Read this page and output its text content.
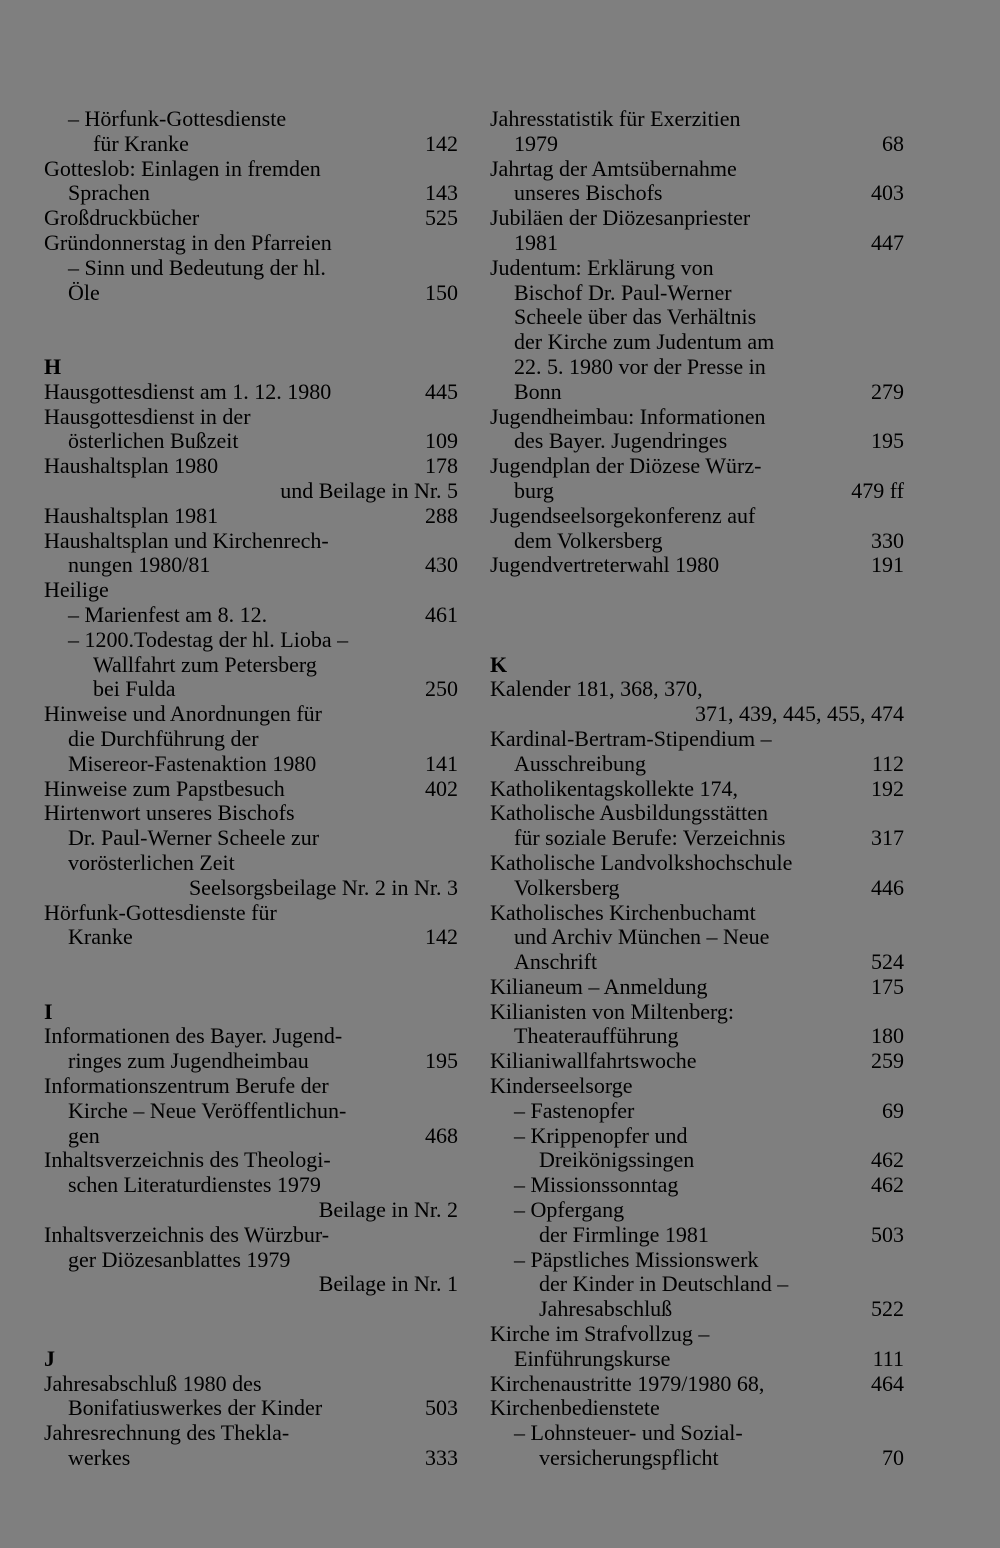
– Hörfunk-Gottesdienste
für Kranke	142
Gotteslob: Einlagen in fremden
Sprachen	143
Großdruckbücher	525
Gründonnerstag in den Pfarreien
– Sinn und Bedeutung der hl.
Öle	150
H
Hausgottesdienst am 1. 12. 1980	445
Hausgottesdienst in der
österlichen Bußzeit	109
Haushaltsplan 1980	178
und Beilage in Nr. 5
Haushaltsplan 1981	288
Haushaltsplan und Kirchenrech-
nungen 1980/81	430
Heilige
– Marienfest am 8. 12.	461
– 1200.Todestag der hl. Lioba –
Wallfahrt zum Petersberg
bei Fulda	250
Hinweise und Anordnungen für
die Durchführung der
Misereor-Fastenaktion 1980	141
Hinweise zum Papstbesuch	402
Hirtenwort unseres Bischofs
Dr. Paul-Werner Scheele zur
vorösterlichen Zeit
Seelsorgsbeilage Nr. 2 in Nr. 3
Hörfunk-Gottesdienste für
Kranke	142
I
Informationen des Bayer. Jugend-
ringes zum Jugendheimbau	195
Informationszentrum Berufe der
Kirche – Neue Veröffentlichun-
gen	468
Inhaltsverzeichnis des Theologi-
schen Literaturdienstes 1979
Beilage in Nr. 2
Inhaltsverzeichnis des Würzbur-
ger Diözesanblattes 1979
Beilage in Nr. 1
J
Jahresabschluß 1980 des
Bonifatiuswerkes der Kinder	503
Jahresrechnung des Thekla-
werkes	333
Jahresstatistik für Exerzitien
1979	68
Jahrtag der Amtsübernahme
unseres Bischofs	403
Jubiläen der Diözesanpriester
1981	447
Judentum: Erklärung von
Bischof Dr. Paul-Werner
Scheele über das Verhältnis
der Kirche zum Judentum am
22. 5. 1980 vor der Presse in
Bonn	279
Jugendheimbau: Informationen
des Bayer. Jugendringes	195
Jugendplan der Diözese Würz-
burg	479 ff
Jugendseelsorgekonferenz auf
dem Volkersberg	330
Jugendvertreterwahl 1980	191
K
Kalender 181, 368, 370,
371, 439, 445, 455, 474
Kardinal-Bertram-Stipendium –
Ausschreibung	112
Katholikentagskollekte 174,	192
Katholische Ausbildungsstätten
für soziale Berufe: Verzeichnis	317
Katholische Landvolkshochschule
Volkersberg	446
Katholisches Kirchenbuchamt
und Archiv München – Neue
Anschrift	524
Kilianeum – Anmeldung	175
Kilianisten von Miltenberg:
Theateraufführung	180
Kilianiwallfahrtswoche	259
Kinderseelsorge
– Fastenopfer	69
– Krippenopfer und
Dreikönigssingen	462
– Missionssonntag	462
– Opfergang
der Firmlinge 1981	503
– Päpstliches Missionswerk
der Kinder in Deutschland –
Jahresabschluß	522
Kirche im Strafvollzug –
Einführungskurse	111
Kirchenaustritte 1979/1980 68,	464
Kirchenbedienstete
– Lohnsteuer- und Sozial-
versicherungspflicht	70
